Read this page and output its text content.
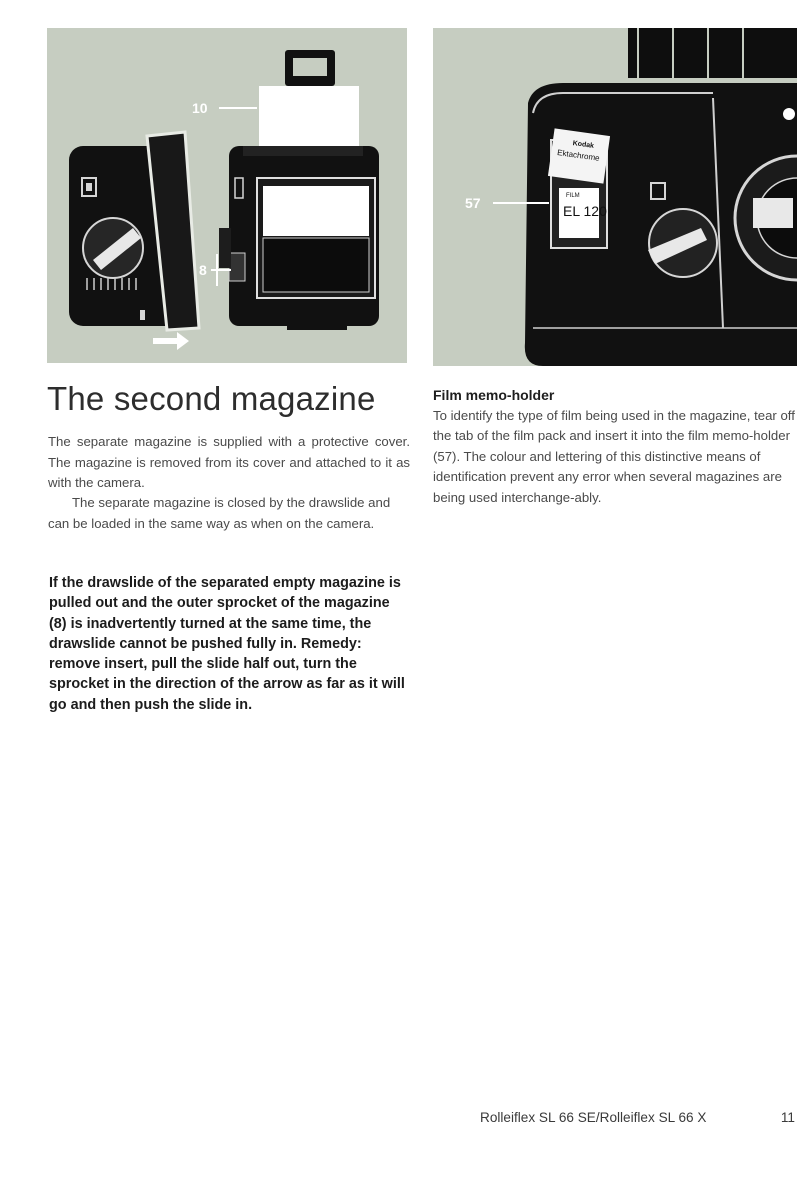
10
8
Kodak
Ektachrome
FILM
EL 120
57
The second magazine

The separate magazine is supplied with a protective cover. The magazine is removed from its cover and attached to it as with the camera.

The separate magazine is closed by the drawslide and can be loaded in the same way as when on the camera.

If the drawslide of the separated empty magazine is pulled out and the outer sprocket of the magazine (8) is inadvertently turned at the same time, the drawslide cannot be pushed fully in. Remedy: remove insert, pull the slide half out, turn the sprocket in the direction of the arrow as far as it will go and then push the slide in.

Film memo-holder

To identify the type of film being used in the magazine, tear off the tab of the film pack and insert it into the film memo-holder (57). The colour and lettering of this distinctive means of identification prevent any error when several magazines are being used interchange-ably.

Rolleiflex SL 66 SE/Rolleiflex SL 66 X	11
